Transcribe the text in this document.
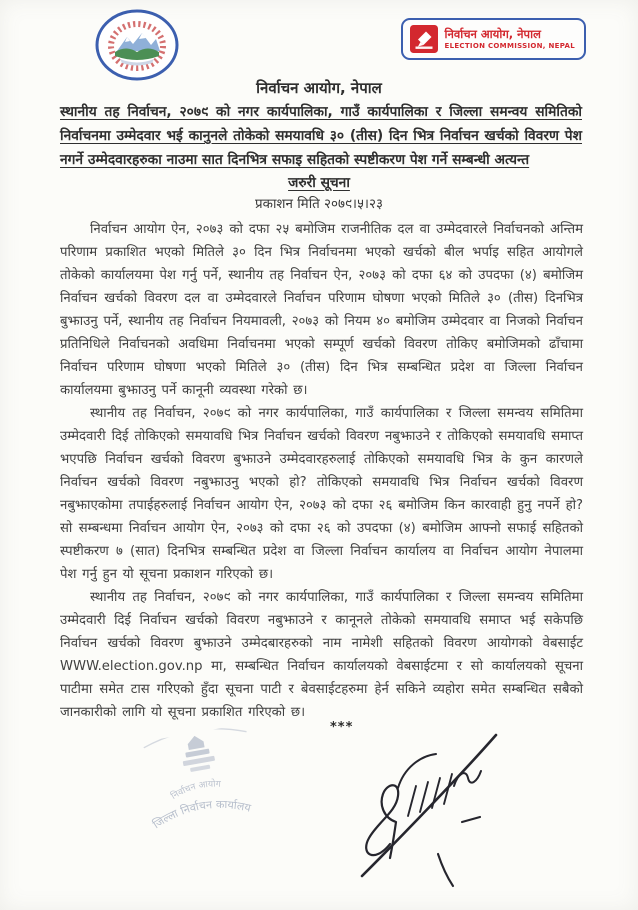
निर्वाचन आयोग, नेपाल
ELECTION COMMISSION, NEPAL
निर्वाचन आयोग, नेपाल
स्थानीय तह निर्वाचन, २०७९ को नगर कार्यपालिका, गाउँ कार्यपालिका र जिल्ला समन्वय समितिको निर्वाचनमा उम्मेदवार भई कानुनले तोकेको समयावधि ३० (तीस) दिन भित्र निर्वाचन खर्चको विवरण पेश नगर्ने उम्मेदवारहरुका नाउमा सात दिनभित्र सफाइ सहितको स्पष्टीकरण पेश गर्ने सम्बन्धी अत्यन्त
जरुरी सूचना
प्रकाशन मिति २०७९।५।२३

निर्वाचन आयोग ऐन, २०७३ को दफा २५ बमोजिम राजनीतिक दल वा उम्मेदवारले निर्वाचनको अन्तिम परिणाम प्रकाशित भएको मितिले ३० दिन भित्र निर्वाचनमा भएको खर्चको बील भर्पाइ सहित आयोगले तोकेको कार्यालयमा पेश गर्नु पर्ने, स्थानीय तह निर्वाचन ऐन, २०७३ को दफा ६४ को उपदफा (४) बमोजिम निर्वाचन खर्चको विवरण दल वा उम्मेदवारले निर्वाचन परिणाम घोषणा भएको मितिले ३० (तीस) दिनभित्र बुझाउनु पर्ने, स्थानीय तह निर्वाचन नियमावली, २०७३ को नियम ४० बमोजिम उम्मेदवार वा निजको निर्वाचन प्रतिनिधिले निर्वाचनको अवधिमा निर्वाचनमा भएको सम्पूर्ण खर्चको विवरण तोकिए बमोजिमको ढाँचामा निर्वाचन परिणाम घोषणा भएको मितिले ३० (तीस) दिन भित्र सम्बन्धित प्रदेश वा जिल्ला निर्वाचन कार्यालयमा बुझाउनु पर्ने कानूनी व्यवस्था गरेको छ।

स्थानीय तह निर्वाचन, २०७९ को नगर कार्यपालिका, गाउँ कार्यपालिका र जिल्ला समन्वय समितिमा उम्मेदवारी दिई तोकिएको समयावधि भित्र निर्वाचन खर्चको विवरण नबुझाउने र तोकिएको समयावधि समाप्त भएपछि निर्वाचन खर्चको विवरण बुझाउने उम्मेदवारहरुलाई तोकिएको समयावधि भित्र के कुन कारणले निर्वाचन खर्चको विवरण नबुझाउनु भएको हो? तोकिएको समयावधि भित्र निर्वाचन खर्चको विवरण नबुझाएकोमा तपाईहरुलाई निर्वाचन आयोग ऐन, २०७३ को दफा २६ बमोजिम किन कारवाही हुनु नपर्ने हो? सो सम्बन्धमा निर्वाचन आयोग ऐन, २०७३ को दफा २६ को उपदफा (४) बमोजिम आफ्नो सफाई सहितको स्पष्टीकरण ७ (सात) दिनभित्र सम्बन्धित प्रदेश वा जिल्ला निर्वाचन कार्यालय वा निर्वाचन आयोग नेपालमा पेश गर्नु हुन यो सूचना प्रकाशन गरिएको छ।

स्थानीय तह निर्वाचन, २०७९ को नगर कार्यपालिका, गाउँ कार्यपालिका र जिल्ला समन्वय समितिमा उम्मेदवारी दिई निर्वाचन खर्चको विवरण नबुझाउने र कानूनले तोकेको समयावधि समाप्त भई सकेपछि निर्वाचन खर्चको विवरण बुझाउने उम्मेदबारहरुको नाम नामेशी सहितको विवरण आयोगको वेबसाईट WWW.election.gov.np मा, सम्बन्धित निर्वाचन कार्यालयको वेबसाईटमा र सो कार्यालयको सूचना पाटीमा समेत टास गरिएको हुँदा सूचना पाटी र बेवसाईटहरुमा हेर्न सकिने व्यहोरा समेत सम्बन्धित सबैको जानकारीको लागि यो सूचना प्रकाशित गरिएको छ।

***
निर्वाचन आयोग
जिल्ला निर्वाचन कार्यालय
